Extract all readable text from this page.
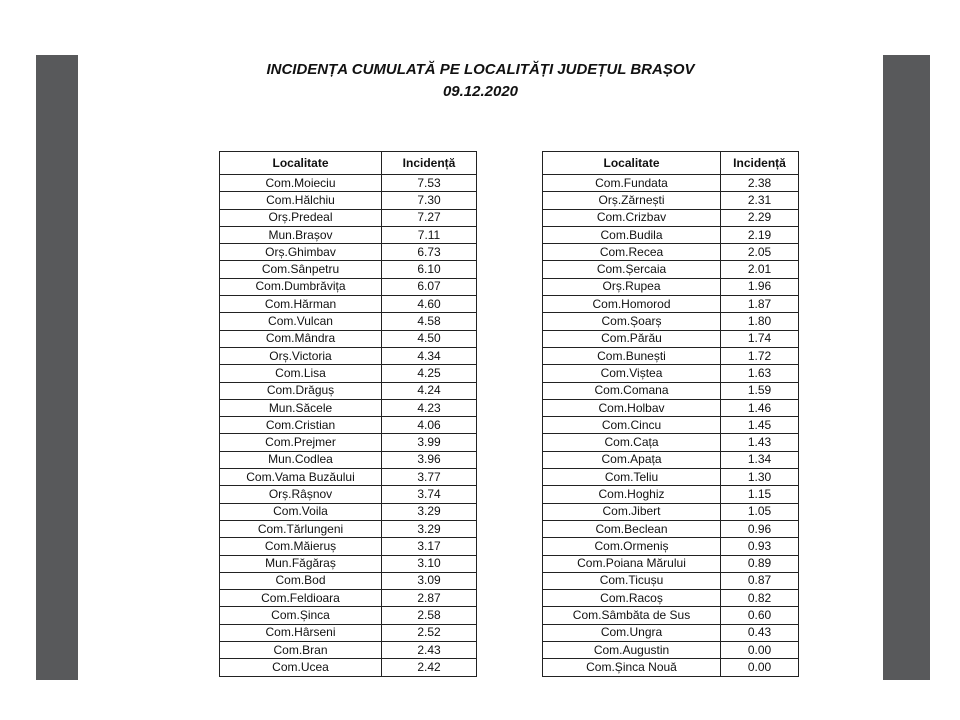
INCIDENȚA CUMULATĂ PE LOCALITĂȚI JUDEȚUL BRAȘOV
09.12.2020
Localitate	Incidență
Com.Moieciu	7.53
Com.Hălchiu	7.30
Orș.Predeal	7.27
Mun.Brașov	7.11
Orș.Ghimbav	6.73
Com.Sânpetru	6.10
Com.Dumbrăvița	6.07
Com.Hărman	4.60
Com.Vulcan	4.58
Com.Mândra	4.50
Orș.Victoria	4.34
Com.Lisa	4.25
Com.Drăguș	4.24
Mun.Săcele	4.23
Com.Cristian	4.06
Com.Prejmer	3.99
Mun.Codlea	3.96
Com.Vama Buzăului	3.77
Orș.Râșnov	3.74
Com.Voila	3.29
Com.Tărlungeni	3.29
Com.Măieruș	3.17
Mun.Făgăraș	3.10
Com.Bod	3.09
Com.Feldioara	2.87
Com.Șinca	2.58
Com.Hârseni	2.52
Com.Bran	2.43
Com.Ucea	2.42
Localitate	Incidență
Com.Fundata	2.38
Orș.Zărnești	2.31
Com.Crizbav	2.29
Com.Budila	2.19
Com.Recea	2.05
Com.Șercaia	2.01
Orș.Rupea	1.96
Com.Homorod	1.87
Com.Șoarș	1.80
Com.Părău	1.74
Com.Bunești	1.72
Com.Viștea	1.63
Com.Comana	1.59
Com.Holbav	1.46
Com.Cincu	1.45
Com.Cața	1.43
Com.Apața	1.34
Com.Teliu	1.30
Com.Hoghiz	1.15
Com.Jibert	1.05
Com.Beclean	0.96
Com.Ormeniș	0.93
Com.Poiana Mărului	0.89
Com.Ticușu	0.87
Com.Racoș	0.82
Com.Sâmbăta de Sus	0.60
Com.Ungra	0.43
Com.Augustin	0.00
Com.Șinca Nouă	0.00
